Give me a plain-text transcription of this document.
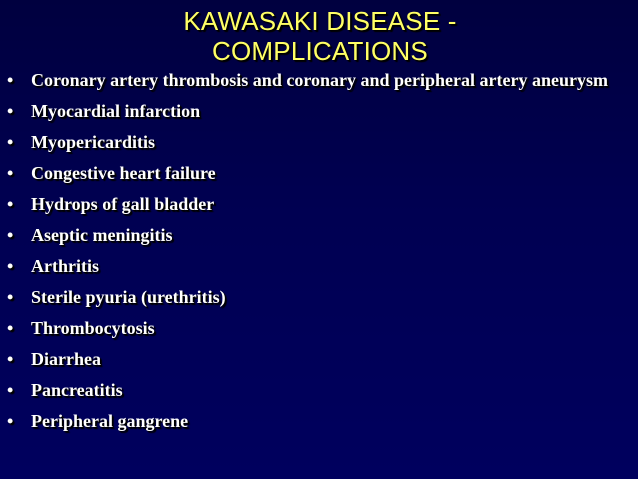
KAWASAKI DISEASE -
COMPLICATIONS
• Coronary artery thrombosis and coronary and peripheral artery aneurysm
• Myocardial infarction
• Myopericarditis
• Congestive heart failure
• Hydrops of gall bladder
• Aseptic meningitis
• Arthritis
• Sterile pyuria (urethritis)
• Thrombocytosis
• Diarrhea
• Pancreatitis
• Peripheral gangrene
